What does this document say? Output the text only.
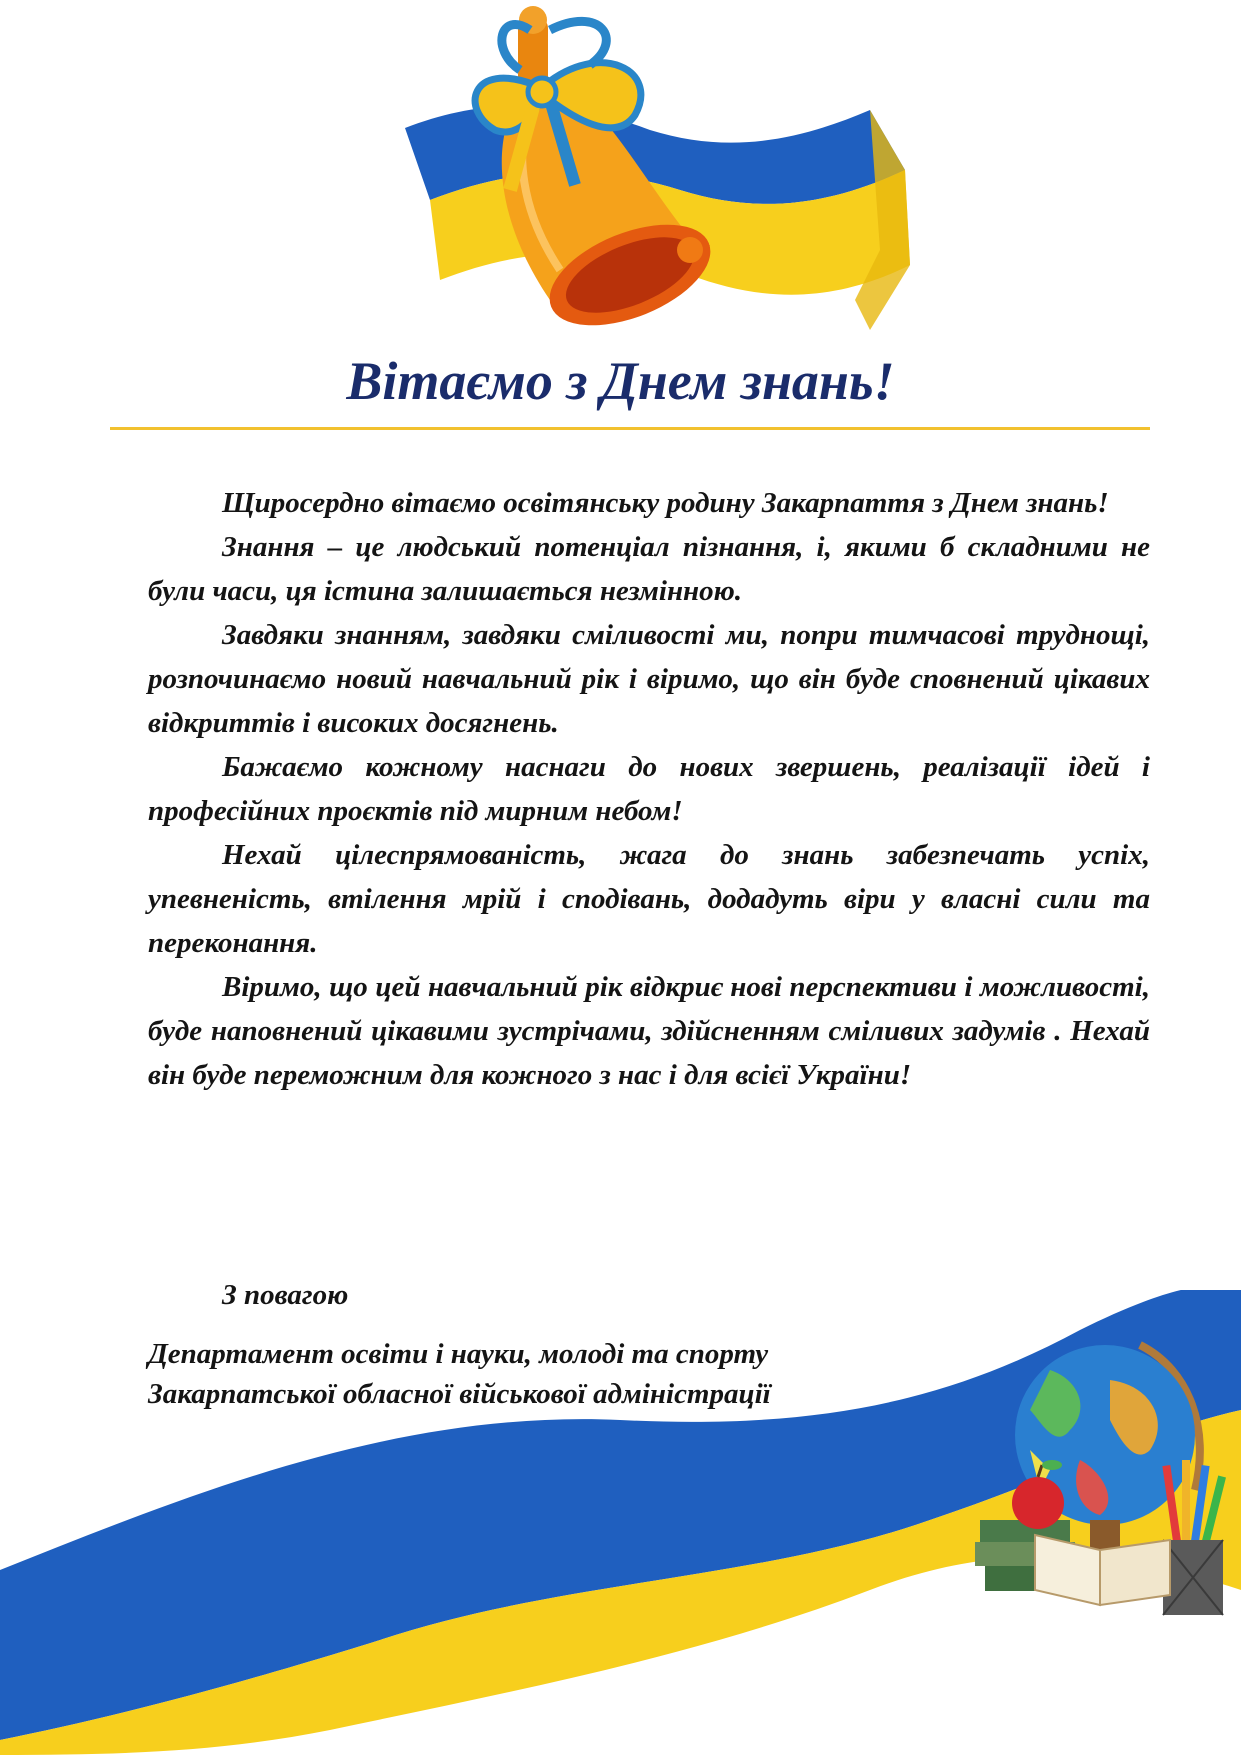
Вітаємо з Днем знань!

Щиросердно вітаємо освітянську родину Закарпаття з Днем знань!

Знання – це людський потенціал пізнання, і, якими б складними не були часи, ця істина залишається незмінною.

Завдяки знанням, завдяки сміливості ми, попри тимчасові труднощі, розпочинаємо новий навчальний рік і віримо, що він буде сповнений цікавих відкриттів і високих досягнень.

Бажаємо кожному наснаги до нових звершень, реалізації ідей і професійних проєктів під мирним небом!

Нехай цілеспрямованість, жага до знань забезпечать успіх, упевненість, втілення мрій і сподівань, додадуть віри у власні сили та переконання.

Віримо, що цей навчальний рік відкриє нові перспективи і можливості, буде наповнений цікавими зустрічами, здійсненням сміливих задумів . Нехай він буде переможним для кожного з нас і для всієї України!

З повагою

Департамент освіти і науки, молоді та спорту
Закарпатської обласної військової адміністрації
